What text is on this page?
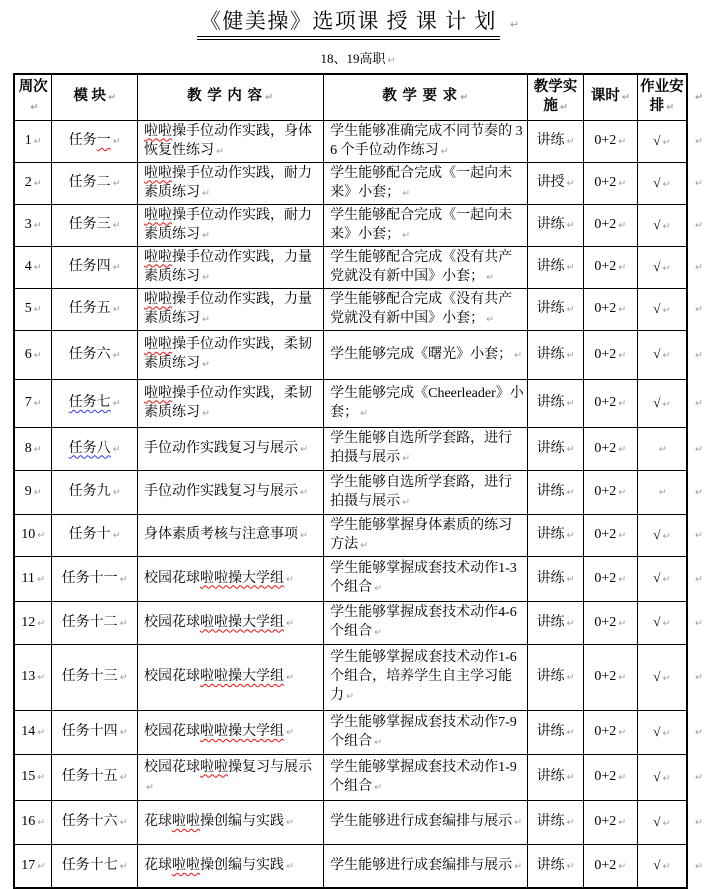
《健美操》选项课 授 课 计 划 ↵
18、19高职 ↵
周次↵	模 块 ↵	教 学 内 容 ↵	教 学 要 求 ↵	教学实施 ↵	课时 ↵	作业安排 ↵	↵
1 ↵	任务一 ↵	啦啦操手位动作实践，身体恢复性练习 ↵	学生能够准确完成不同节奏的 36 个手位动作练习 ↵	讲练 ↵	0+2 ↵	√ ↵	↵
2 ↵	任务二 ↵	啦啦操手位动作实践，耐力素质练习 ↵	学生能够配合完成《一起向未来》小套； ↵	讲授 ↵	0+2 ↵	√ ↵	↵
3 ↵	任务三 ↵	啦啦操手位动作实践，耐力素质练习 ↵	学生能够配合完成《一起向未来》小套； ↵	讲练 ↵	0+2 ↵	√ ↵	↵
4 ↵	任务四 ↵	啦啦操手位动作实践，力量素质练习 ↵	学生能够配合完成《没有共产党就没有新中国》小套； ↵	讲练 ↵	0+2 ↵	√ ↵	↵
5 ↵	任务五 ↵	啦啦操手位动作实践，力量素质练习 ↵	学生能够配合完成《没有共产党就没有新中国》小套； ↵	讲练 ↵	0+2 ↵	√ ↵	↵
6 ↵	任务六 ↵	啦啦操手位动作实践，柔韧素质练习 ↵	学生能够完成《曙光》小套； ↵	讲练 ↵	0+2 ↵	√ ↵	↵
7 ↵	任务七 ↵	啦啦操手位动作实践，柔韧素质练习 ↵	学生能够完成《Cheerleader》小套； ↵	讲练 ↵	0+2 ↵	√ ↵	↵
8 ↵	任务八 ↵	手位动作实践复习与展示 ↵	学生能够自选所学套路，进行拍摄与展示 ↵	讲练 ↵	0+2 ↵	↵	↵
9 ↵	任务九 ↵	手位动作实践复习与展示 ↵	学生能够自选所学套路，进行拍摄与展示 ↵	讲练 ↵	0+2 ↵	↵	↵
10 ↵	任务十 ↵	身体素质考核与注意事项 ↵	学生能够掌握身体素质的练习方法 ↵	讲练 ↵	0+2 ↵	√ ↵	↵
11 ↵	任务十一 ↵	校园花球啦啦操大学组 ↵	学生能够掌握成套技术动作1-3 个组合 ↵	讲练 ↵	0+2 ↵	√ ↵	↵
12 ↵	任务十二 ↵	校园花球啦啦操大学组 ↵	学生能够掌握成套技术动作4-6 个组合 ↵	讲练 ↵	0+2 ↵	√ ↵	↵
13 ↵	任务十三 ↵	校园花球啦啦操大学组 ↵	学生能够掌握成套技术动作1-6 个组合，培养学生自主学习能力 ↵	讲练 ↵	0+2 ↵	√ ↵	↵
14 ↵	任务十四 ↵	校园花球啦啦操大学组 ↵	学生能够掌握成套技术动作7-9 个组合 ↵	讲练 ↵	0+2 ↵	√ ↵	↵
15 ↵	任务十五 ↵	校园花球啦啦操复习与展示↵	学生能够掌握成套技术动作1-9 个组合 ↵	讲练 ↵	0+2 ↵	√ ↵	↵
16 ↵	任务十六 ↵	花球啦啦操创编与实践 ↵	学生能够进行成套编排与展示 ↵	讲练 ↵	0+2 ↵	√ ↵	↵
17 ↵	任务十七 ↵	花球啦啦操创编与实践 ↵	学生能够进行成套编排与展示 ↵	讲练 ↵	0+2 ↵	√ ↵	↵
